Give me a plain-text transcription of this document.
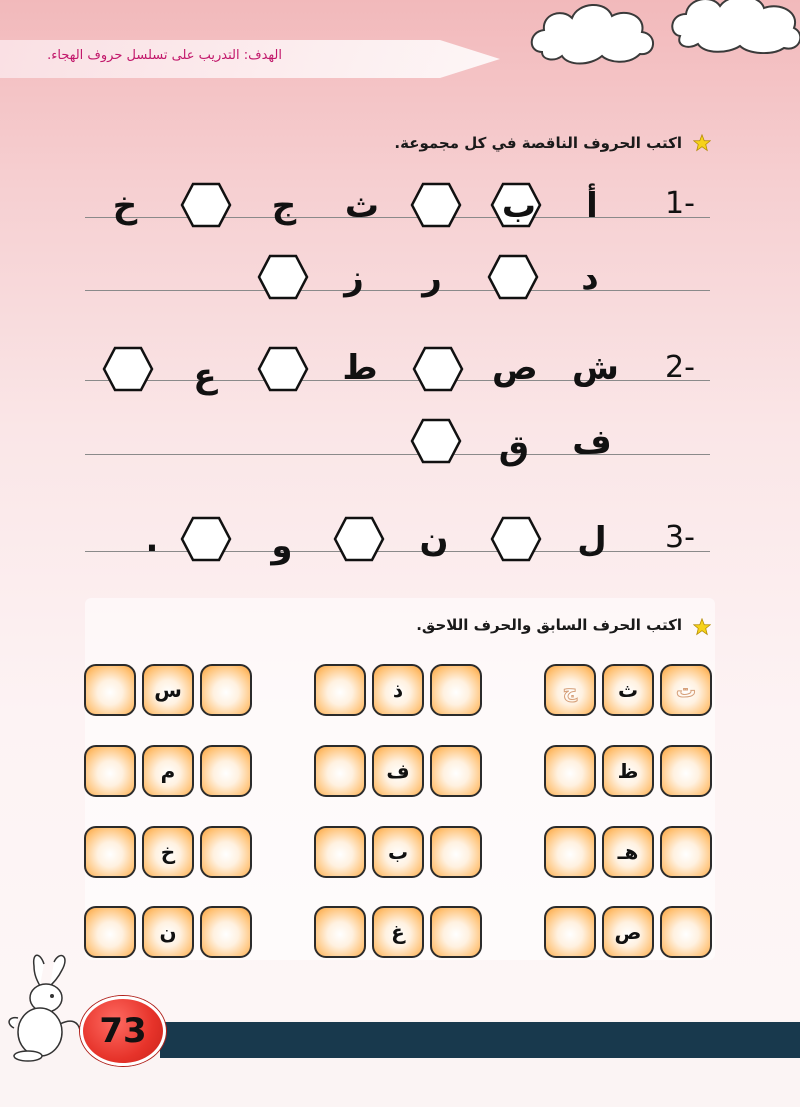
الهدف: التدريب على تسلسل حروف الهجاء.
اكتب الحروف الناقصة في كل مجموعة.
1-
أ
ب
ث
ج
خ
د
ر
ز
2-
ش
ص
ط
ع
ف
ق
3-
ل
ن
و
.
اكتب الحرف السابق والحرف اللاحق.
ج	ث	ت
ظ
هـ
ص
ذ
ف
ب
غ
س
م
خ
ن
73
